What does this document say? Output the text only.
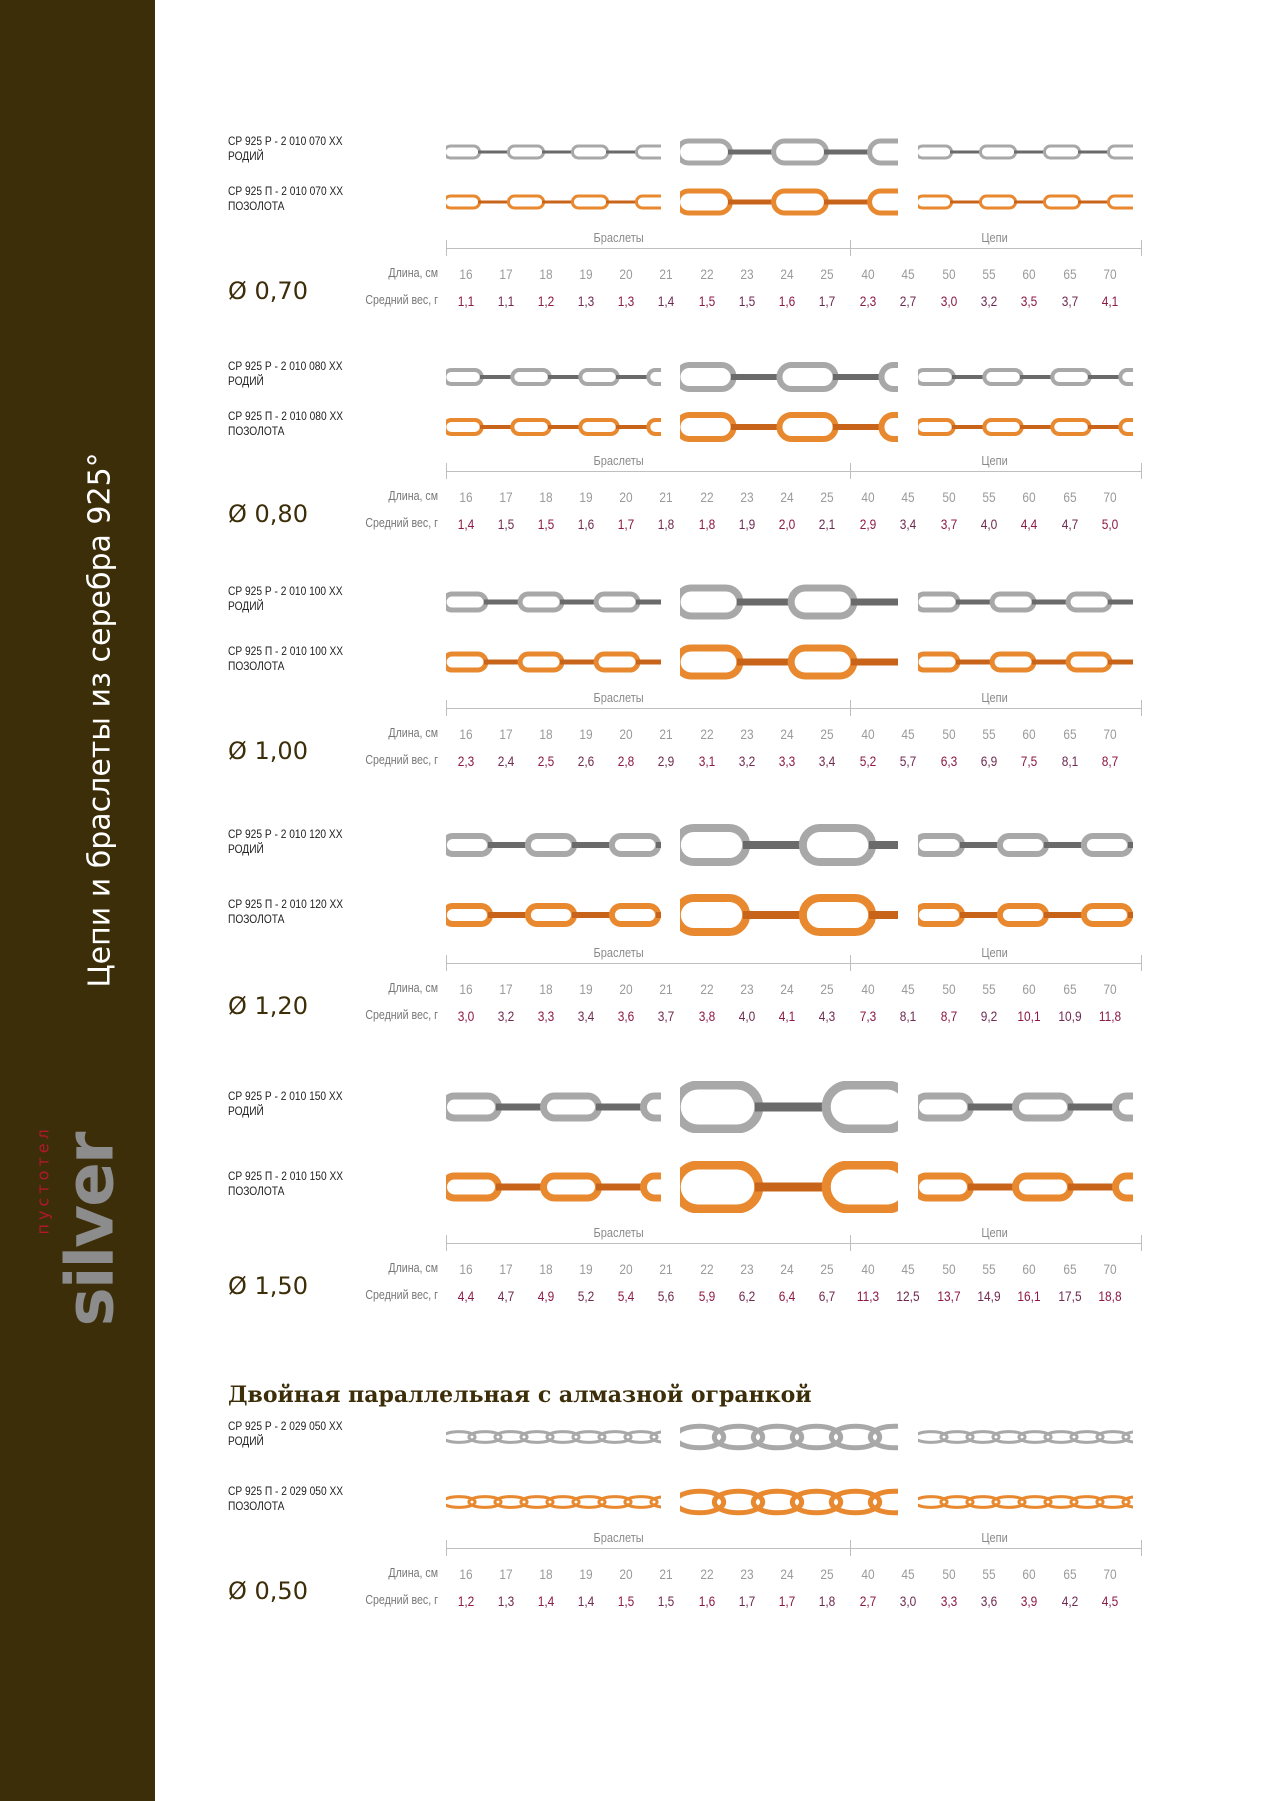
Цепи и браслеты из серебра 925°
silver
пустотел
Двойная параллельная с алмазной огранкой
СР 925 Р - 2 010 070 ХХ
РОДИЙ
СР 925 П - 2 010 070 ХХ
ПОЗОЛОТА
Браслеты	Цепи
Ø 0,70
Длина, см
Средний вес, г
16	17	18	19	20	21	22	23	24	25	40	45	50	55	60	65	70
1,1	1,1	1,2	1,3	1,3	1,4	1,5	1,5	1,6	1,7	2,3	2,7	3,0	3,2	3,5	3,7	4,1
СР 925 Р - 2 010 080 ХХ
РОДИЙ
СР 925 П - 2 010 080 ХХ
ПОЗОЛОТА
Браслеты	Цепи
Ø 0,80
Длина, см
Средний вес, г
16	17	18	19	20	21	22	23	24	25	40	45	50	55	60	65	70
1,4	1,5	1,5	1,6	1,7	1,8	1,8	1,9	2,0	2,1	2,9	3,4	3,7	4,0	4,4	4,7	5,0
СР 925 Р - 2 010 100 ХХ
РОДИЙ
СР 925 П - 2 010 100 ХХ
ПОЗОЛОТА
Браслеты	Цепи
Ø 1,00
Длина, см
Средний вес, г
16	17	18	19	20	21	22	23	24	25	40	45	50	55	60	65	70
2,3	2,4	2,5	2,6	2,8	2,9	3,1	3,2	3,3	3,4	5,2	5,7	6,3	6,9	7,5	8,1	8,7
СР 925 Р - 2 010 120 ХХ
РОДИЙ
СР 925 П - 2 010 120 ХХ
ПОЗОЛОТА
Браслеты	Цепи
Ø 1,20
Длина, см
Средний вес, г
16	17	18	19	20	21	22	23	24	25	40	45	50	55	60	65	70
3,0	3,2	3,3	3,4	3,6	3,7	3,8	4,0	4,1	4,3	7,3	8,1	8,7	9,2	10,1	10,9	11,8
СР 925 Р - 2 010 150 ХХ
РОДИЙ
СР 925 П - 2 010 150 ХХ
ПОЗОЛОТА
Браслеты	Цепи
Ø 1,50
Длина, см
Средний вес, г
16	17	18	19	20	21	22	23	24	25	40	45	50	55	60	65	70
4,4	4,7	4,9	5,2	5,4	5,6	5,9	6,2	6,4	6,7	11,3	12,5	13,7	14,9	16,1	17,5	18,8
СР 925 Р - 2 029 050 ХХ
РОДИЙ
СР 925 П - 2 029 050 ХХ
ПОЗОЛОТА
Браслеты	Цепи
Ø 0,50
Длина, см
Средний вес, г
16	17	18	19	20	21	22	23	24	25	40	45	50	55	60	65	70
1,2	1,3	1,4	1,4	1,5	1,5	1,6	1,7	1,7	1,8	2,7	3,0	3,3	3,6	3,9	4,2	4,5
